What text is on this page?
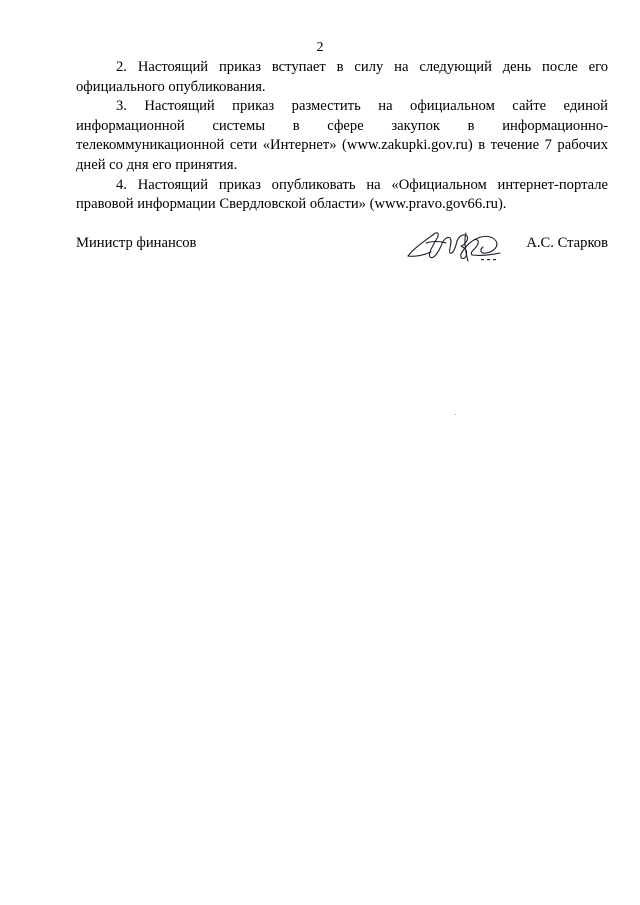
2

2. Настоящий приказ вступает в силу на следующий день после его официального опубликования.

3. Настоящий приказ разместить на официальном сайте единой информационной системы в сфере закупок в информационно-телекоммуникационной сети «Интернет» (www.zakupki.gov.ru) в течение 7 рабочих дней со дня его принятия.

4. Настоящий приказ опубликовать на «Официальном интернет-портале правовой информации Свердловской области» (www.pravo.gov66.ru).

Министр финансов	А.С. Старков
